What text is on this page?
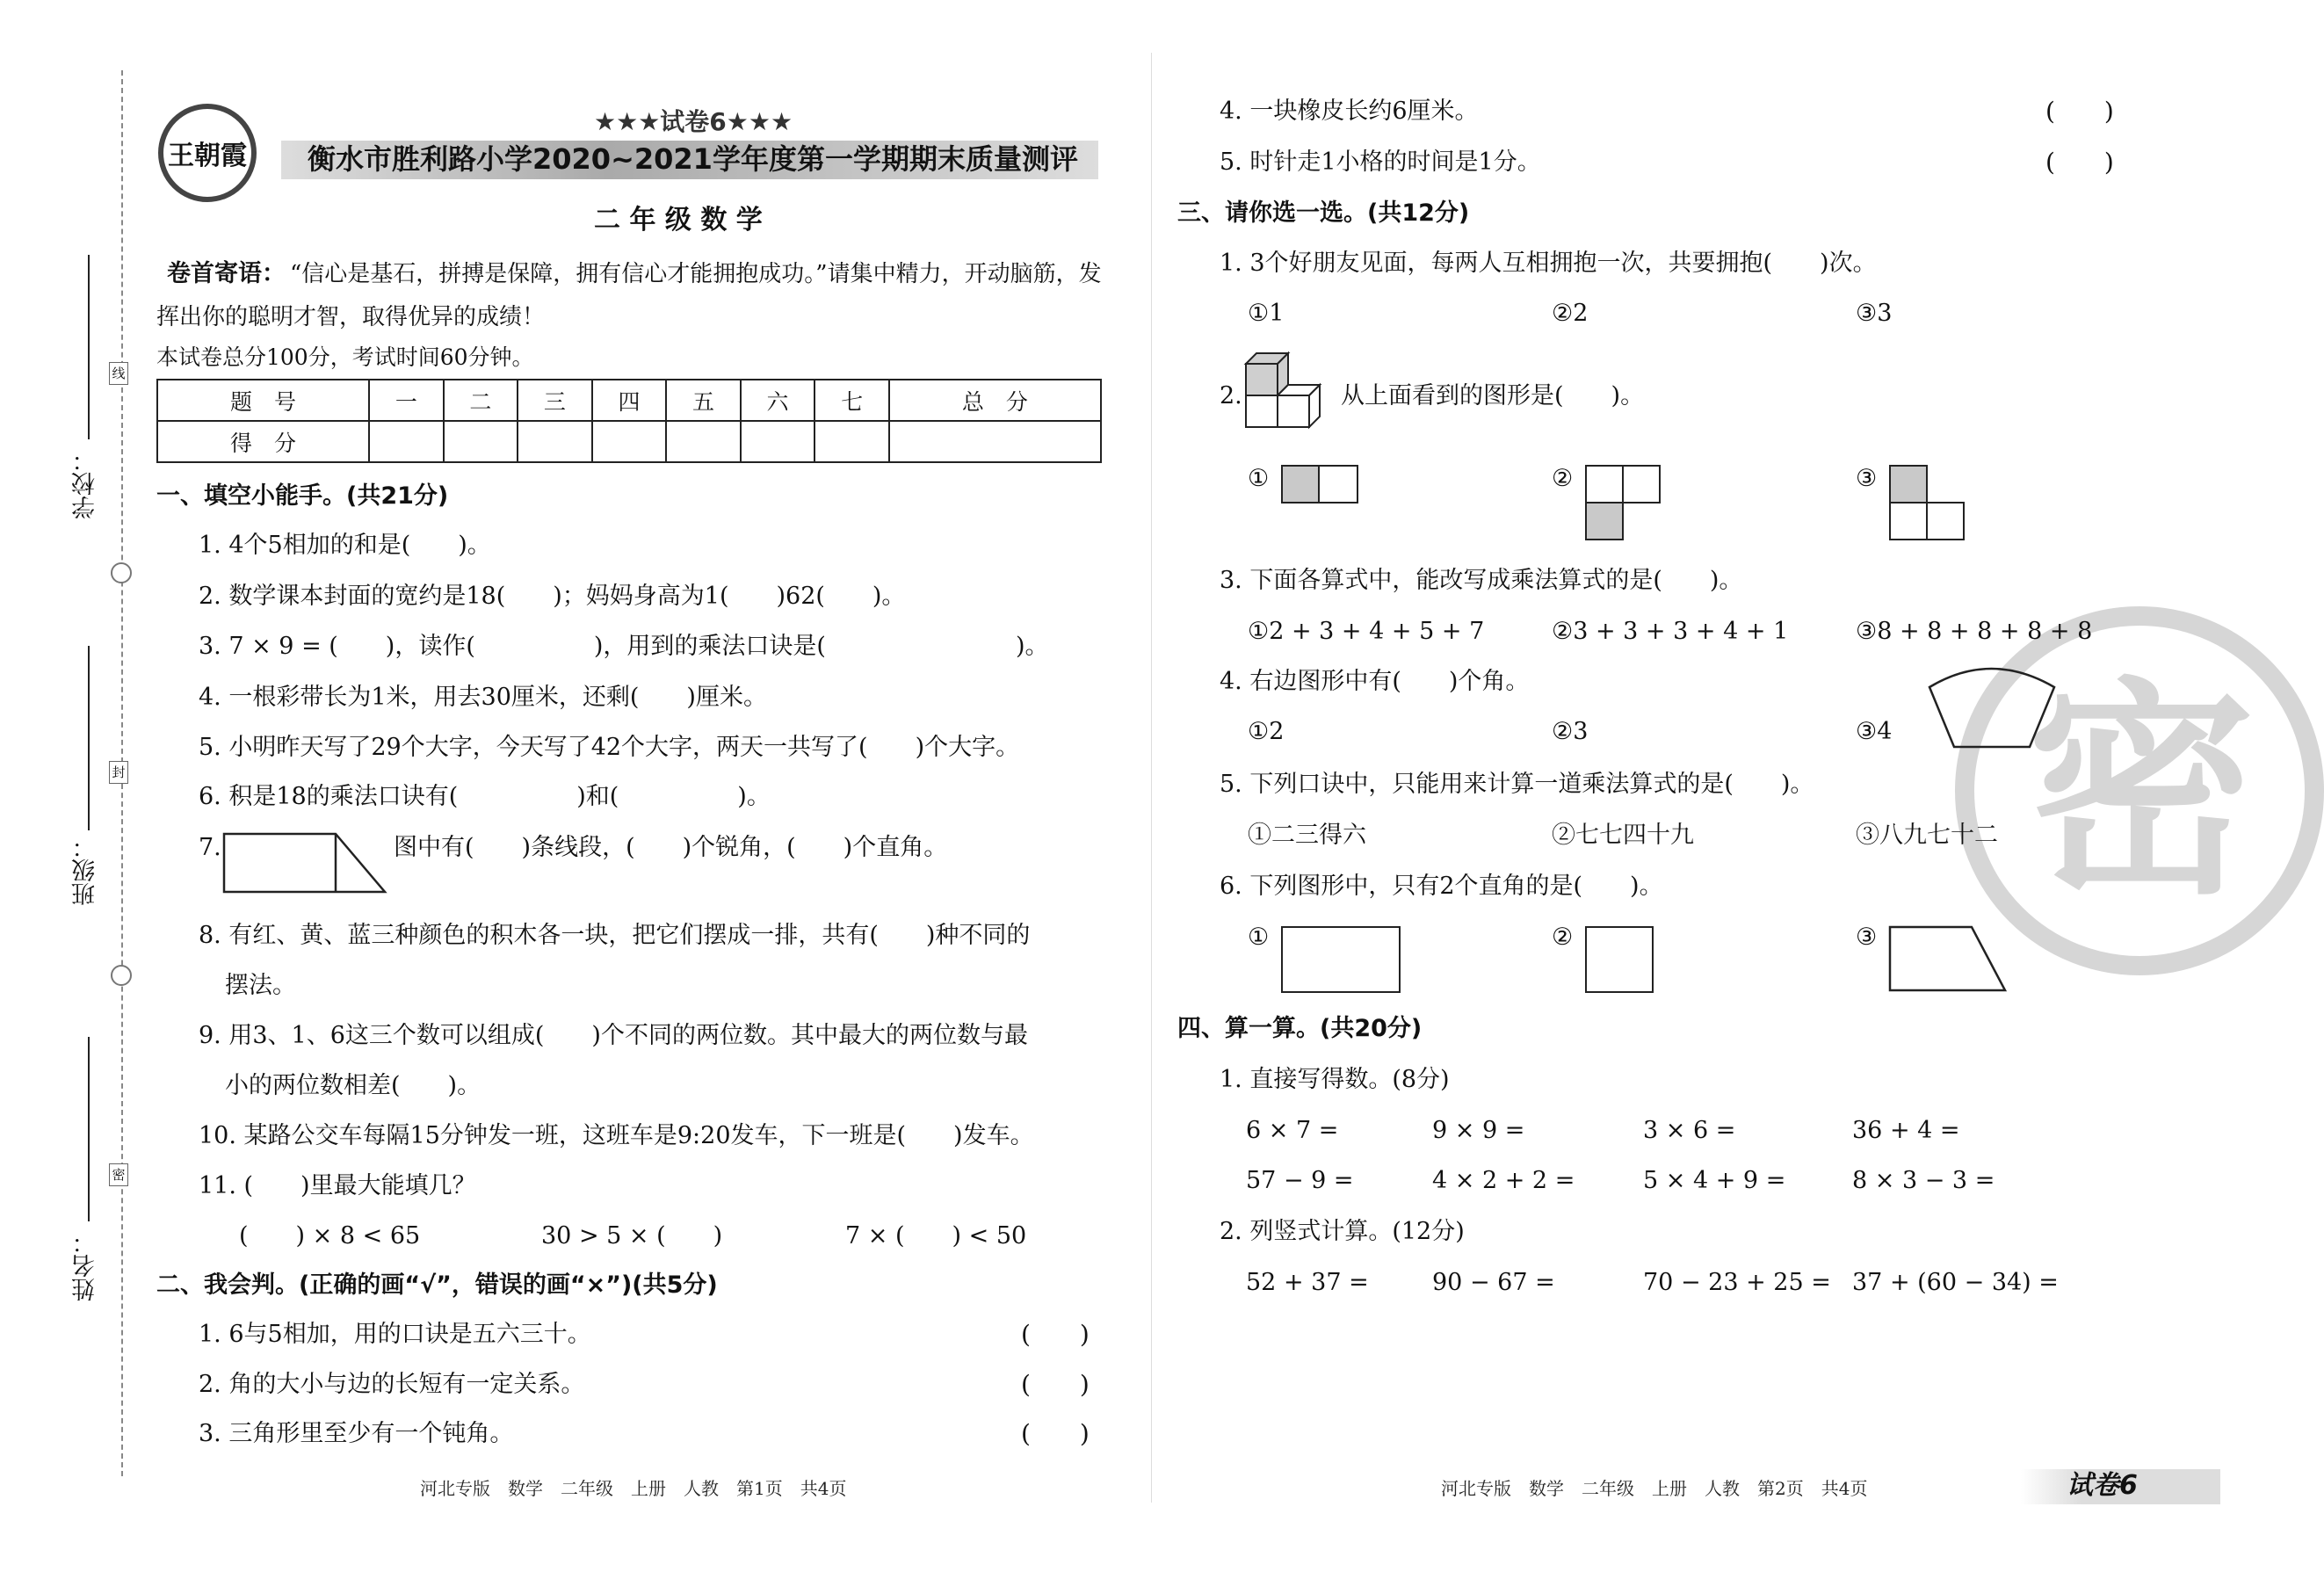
学校：
班级：
姓名：
线
封
密
王朝霞
★★★试卷6★★★
衡水市胜利路小学2020~2021学年度第一学期期末质量测评
二 年 级 数 学
卷首寄语： “信心是基石，拼搏是保障，拥有信心才能拥抱成功。”请集中精力，开动脑筋，发
挥出你的聪明才智，取得优异的成绩！
本试卷总分100分，考试时间60分钟。
题　号	一	二	三	四	五	六	七	总　分
得　分								
一、填空小能手。(共21分)
1. 4个5相加的和是(　　)。
2. 数学课本封面的宽约是18(　　)；妈妈身高为1(　　)62(　　)。
3. 7 × 9 = (　　)，读作(　　　　　)，用到的乘法口诀是(　　　　　　　　)。
4. 一根彩带长为1米，用去30厘米，还剩(　　)厘米。
5. 小明昨天写了29个大字，今天写了42个大字，两天一共写了(　　)个大字。
6. 积是18的乘法口诀有(　　　　　)和(　　　　　)。
7.	图中有(　　)条线段，(　　)个锐角，(　　)个直角。
8. 有红、黄、蓝三种颜色的积木各一块，把它们摆成一排，共有(　　)种不同的
摆法。
9. 用3、1、6这三个数可以组成(　　)个不同的两位数。其中最大的两位数与最
小的两位数相差(　　)。
10. 某路公交车每隔15分钟发一班，这班车是9:20发车，下一班是(　　)发车。
11. (　　)里最大能填几？
(　　) × 8 < 65	30 > 5 × (　　)	7 × (　　) < 50
二、我会判。(正确的画“√”，错误的画“×”)(共5分)
1. 6与5相加，用的口诀是五六三十。	(　　)
2. 角的大小与边的长短有一定关系。	(　　)
3. 三角形里至少有一个钝角。	(　　)
4. 一块橡皮长约6厘米。	(　　)
5. 时针走1小格的时间是1分。	(　　)
密
三、请你选一选。(共12分)
1. 3个好朋友见面，每两人互相拥抱一次，共要拥抱(　　)次。
①1	②2	③3
2.	从上面看到的图形是(　　)。
①	②	③
3. 下面各算式中，能改写成乘法算式的是(　　)。
①2 + 3 + 4 + 5 + 7	②3 + 3 + 3 + 4 + 1	③8 + 8 + 8 + 8 + 8
4. 右边图形中有(　　)个角。
①2	②3	③4
5. 下列口诀中，只能用来计算一道乘法算式的是(　　)。
①二三得六	②七七四十九	③八九七十二
6. 下列图形中，只有2个直角的是(　　)。
①	②	③
四、算一算。(共20分)
1. 直接写得数。(8分)
6 × 7 =	9 × 9 =	3 × 6 =	36 + 4 =
57 − 9 =	4 × 2 + 2 =	5 × 4 + 9 =	8 × 3 − 3 =
2. 列竖式计算。(12分)
52 + 37 =	90 − 67 =	70 − 23 + 25 = 37 + (60 − 34) =
河北专版　数学　二年级　上册　人教　第1页　共4页	河北专版　数学　二年级　上册　人教　第2页　共4页	试卷6
